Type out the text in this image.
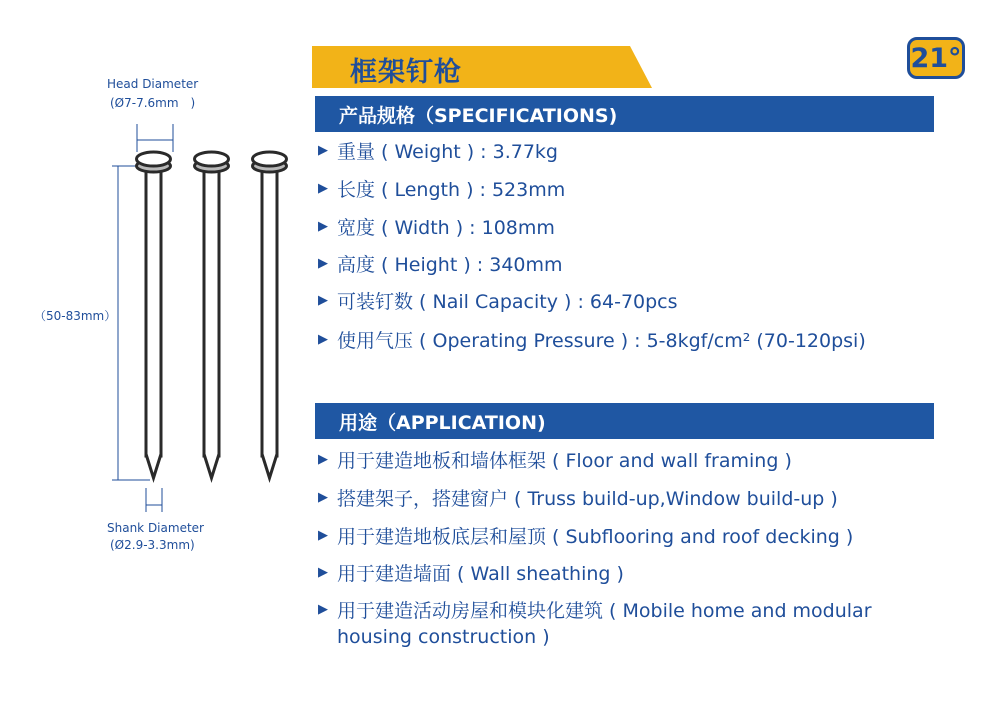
Head Diameter
(Ø7-7.6mm　)
（50-83mm）
Shank Diameter
(Ø2.9-3.3mm)
框架钉枪	21°
产品规格（SPECIFICATIONS)
▶ 重量 ( Weight ) : 3.77kg
▶ 长度 ( Length ) : 523mm
▶ 宽度 ( Width ) : 108mm
▶ 高度 ( Height ) : 340mm
▶ 可装钉数 ( Nail Capacity ) : 64-70pcs
▶ 使用气压 ( Operating Pressure ) : 5-8kgf/cm² (70-120psi)
用途（APPLICATION)
▶ 用于建造地板和墙体框架 ( Floor and wall framing )
▶ 搭建架子，搭建窗户 ( Truss build-up,Window build-up )
▶ 用于建造地板底层和屋顶 ( Subflooring and roof decking )
▶ 用于建造墙面 ( Wall sheathing )
▶ 用于建造活动房屋和模块化建筑 ( Mobile home and modular housing construction )
